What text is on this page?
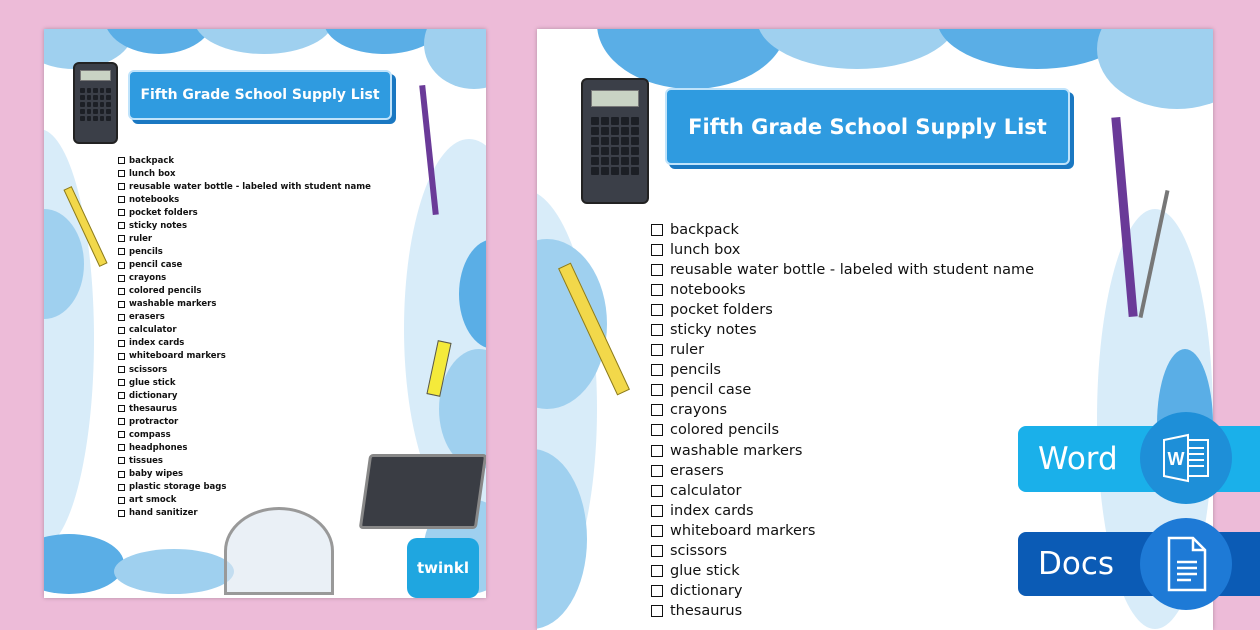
Fifth Grade School Supply List
backpack
lunch box
reusable water bottle - labeled with student name
notebooks
pocket folders
sticky notes
ruler
pencils
pencil case
crayons
colored pencils
washable markers
erasers
calculator
index cards
whiteboard markers
scissors
glue stick
dictionary
thesaurus
protractor
compass
headphones
tissues
baby wipes
plastic storage bags
art smock
hand sanitizer
twinkl
Fifth Grade School Supply List
backpack
lunch box
reusable water bottle - labeled with student name
notebooks
pocket folders
sticky notes
ruler
pencils
pencil case
crayons
colored pencils
washable markers
erasers
calculator
index cards
whiteboard markers
scissors
glue stick
dictionary
thesaurus
Word	W
Docs
